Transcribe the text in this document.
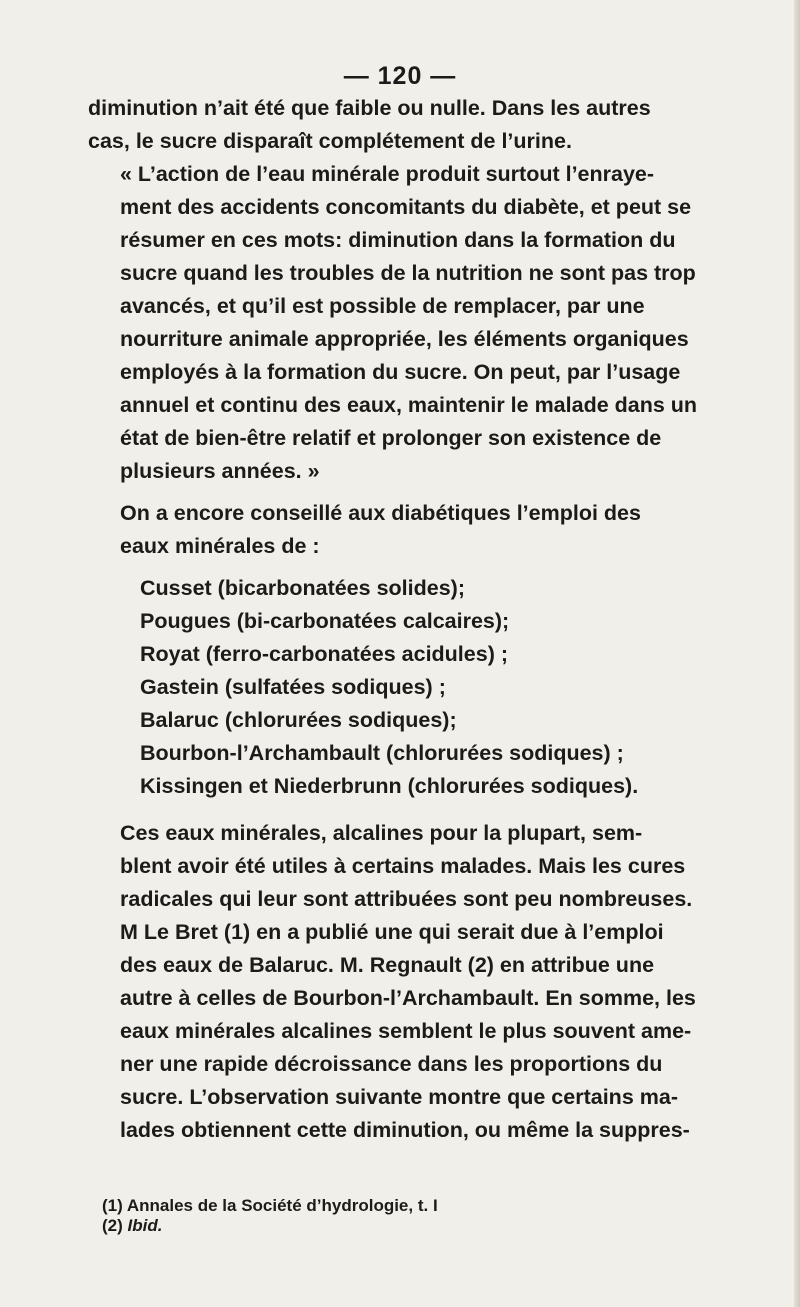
— 120 —

diminution n’ait été que faible ou nulle. Dans les autres
cas, le sucre disparaît complétement de l’urine.

« L’action de l’eau minérale produit surtout l’enraye-
ment des accidents concomitants du diabète, et peut se
résumer en ces mots: diminution dans la formation du
sucre quand les troubles de la nutrition ne sont pas trop
avancés, et qu’il est possible de remplacer, par une
nourriture animale appropriée, les éléments organiques
employés à la formation du sucre. On peut, par l’usage
annuel et continu des eaux, maintenir le malade dans un
état de bien-être relatif et prolonger son existence de
plusieurs années. »

On a encore conseillé aux diabétiques l’emploi des
eaux minérales de :

Cusset (bicarbonatées solides);
Pougues (bi-carbonatées calcaires);
Royat (ferro-carbonatées acidules) ;
Gastein (sulfatées sodiques) ;
Balaruc (chlorurées sodiques);
Bourbon-l’Archambault (chlorurées sodiques) ;
Kissingen et Niederbrunn (chlorurées sodiques).

Ces eaux minérales, alcalines pour la plupart, sem-
blent avoir été utiles à certains malades. Mais les cures
radicales qui leur sont attribuées sont peu nombreuses.
M Le Bret (1) en a publié une qui serait due à l’emploi
des eaux de Balaruc. M. Regnault (2) en attribue une
autre à celles de Bourbon-l’Archambault. En somme, les
eaux minérales alcalines semblent le plus souvent ame-
ner une rapide décroissance dans les proportions du
sucre. L’observation suivante montre que certains ma-
lades obtiennent cette diminution, ou même la suppres-

(1) Annales de la Société d’hydrologie, t. I

(2) Ibid.
